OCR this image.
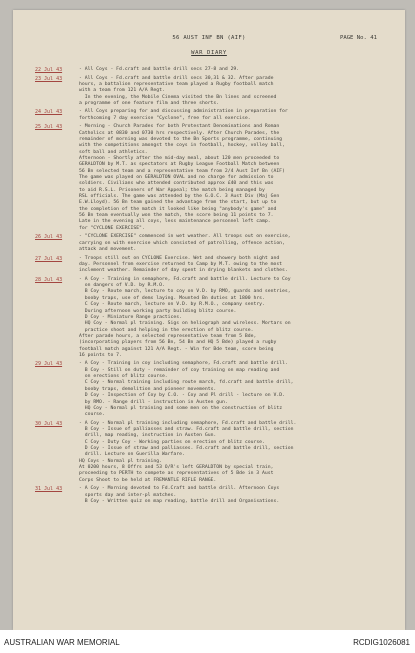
56 AUST INF BN (AIF)	PAGE No. 41
WAR DIARY
22 Jul 43	- All Coys - Fd.craft and battle drill secs 27-8 and 29.
23 Jul 43	- All Coys - Fd.craft and battle drill secs 30,31 & 32. After parade
hours, a battalion representative team played a Rugby football match
with a team from 121 A/A Regt.
In the evening, the Mobile Cinema visited the Bn lines and screened
a programme of one feature film and three shorts.
24 Jul 43	- All Coys preparing for and discussing administration in preparation for
forthcoming 7 day exercise "Cyclone", free for all exercise.
25 Jul 43	- Morning - Church Parades for both Protestant Denominations and Roman
Catholics at 0830 and 0730 hrs respectively. After Church Parades, the
remainder of morning was devoted to the Bn Sports programme, continuing
with the competitions amongst the coys in football, hockey, volley ball,
soft ball and athletics.
Afternoon - Shortly after the mid-day meal, about 120 men proceeded to
GERALDTON by M.T. as spectators at Rugby League Football Match between
56 Bn selected team and a representative team from 2/4 Aust Inf Bn (AIF)
The game was played on GERALDTON OVAL and no charge for admission to
soldiers. Civilians who attended contributed approx £40 and this was
to aid R.S.L. Prisoners of War Appeal; the match being managed by
RSL officials. The game was attended by the G.O.C. 3 Aust Div (Maj Gen
E.W.Lloyd). 56 Bn team gained the advantage from the start, but up to
the completion of the match it looked like being "anybody's game" and
56 Bn team eventually won the match, the score being 11 points to 7.
Late in the evening all coys, less maintenance personnel left camp.
for "CYCLONE EXERCISE".
26 Jul 43	- "CYCLONE EXERCISE" commenced in wet weather. All troops out on exercise,
carrying on with exercise which consisted of patrolling, offence action,
attack and movement.
27 Jul 43	- Troops still out on CYCLONE Exercise. Wet and showery both night and
day. Personnel from exercise returned to Camp by M.T. owing to the most
inclement weather. Remainder of day spent in drying blankets and clothes.
28 Jul 43	- A Coy - Training in semaphore, Fd.craft and battle drill. Lecture to Coy
on dangers of V.D. by R.M.O.
B Coy - Route march, lecture to coy on V.D. by RMO, guards and sentries,
booby traps, use of dems laying. Mounted Bn duties at 1800 hrs.
C Coy - Route march, lecture on V.D. by R.M.O., company sentry.
During afternoon working party building blitz course.
D Coy - Miniature Range practices.
HQ Coy - Normal pl training. Sigs on heliograph and wireless. Mortars on
practice shoot and helping in the erection of blitz course.
After parade hours, a selected representative team from 5 Bde,
(incorporating players from 56 Bn, 54 Bn and HQ 5 Bde) played a rugby
football match against 121 A/A Regt. - Win for Bde team, score being
16 points to 7.
29 Jul 43	- A Coy - Training in coy including semaphore, Fd.craft and battle drill.
B Coy - Still on duty - remainder of coy training on map reading and
on erections of blitz course.
C Coy - Normal training including route march, fd.craft and battle drill,
booby traps, demolition and pioneer movements.
D Coy - Inspection of Coy by C.O. - Coy and Pl drill - lecture on V.D.
by RMO. - Range drill - instruction in Austen gun.
HQ Coy - Normal pl training and some men on the construction of blitz
course.
30 Jul 43	- A Coy - Normal pl training including semaphore, Fd.craft and battle drill.
B Coy - Issue of palliasses and straw. Fd.craft and battle drill, section
drill, map reading, instruction in Austen Gun.
C Coy - Duty Coy - Working parties on erection of blitz course.
D Coy - Issue of straw and palliasses. Fd.craft and battle drill, section
drill. Lecture on Guerilla Warfare.
HQ Coys - Normal pl training.
At 0200 hours, 8 Offrs and 53 O/R's left GERALDTON by special train,
proceeding to PERTH to compete as representatives of 5 Bde in 3 Aust
Corps Shoot to be held at FREMANTLE RIFLE RANGE.
31 Jul 43	- A Coy - Morning devoted to Fd.Craft and battle drill. Afternoon Coys
sports day and inter-pl matches.
B Coy - Written quiz on map reading, battle drill and Organisations.
AUSTRALIAN WAR MEMORIAL	RCDIG1026081
